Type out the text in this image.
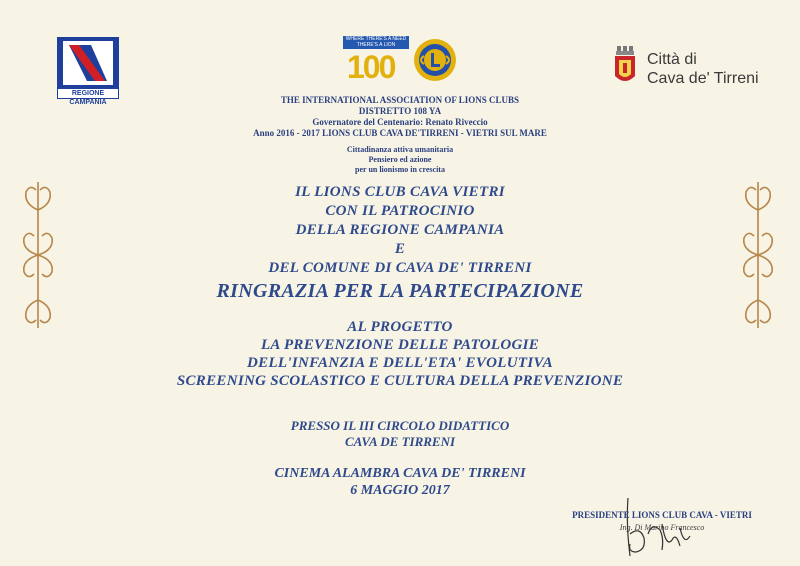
REGIONE CAMPANIA
WHERE THERE'S A NEED
THERE'S A LION
100	Città di
Cava de' Tirreni
THE INTERNATIONAL ASSOCIATION OF LIONS CLUBS
DISTRETTO 108 YA
Governatore del Centenario: Renato Riveccio
Anno 2016 - 2017 LIONS CLUB CAVA DE'TIRRENI - VIETRI SUL MARE
Cittadinanza attiva umanitaria
Pensiero ed azione
per un lionismo in crescita
IL LIONS CLUB CAVA VIETRI
CON IL PATROCINIO
DELLA REGIONE CAMPANIA
E
DEL COMUNE DI CAVA DE' TIRRENI
RINGRAZIA PER LA PARTECIPAZIONE
AL PROGETTO
LA PREVENZIONE DELLE PATOLOGIE
DELL'INFANZIA E DELL'ETA' EVOLUTIVA
SCREENING SCOLASTICO E CULTURA DELLA PREVENZIONE
PRESSO IL III CIRCOLO DIDATTICO
CAVA DE TIRRENI
CINEMA ALAMBRA CAVA DE' TIRRENI
6 MAGGIO 2017
PRESIDENTE LIONS CLUB CAVA - VIETRI
Ing. Di Marino Francesco
